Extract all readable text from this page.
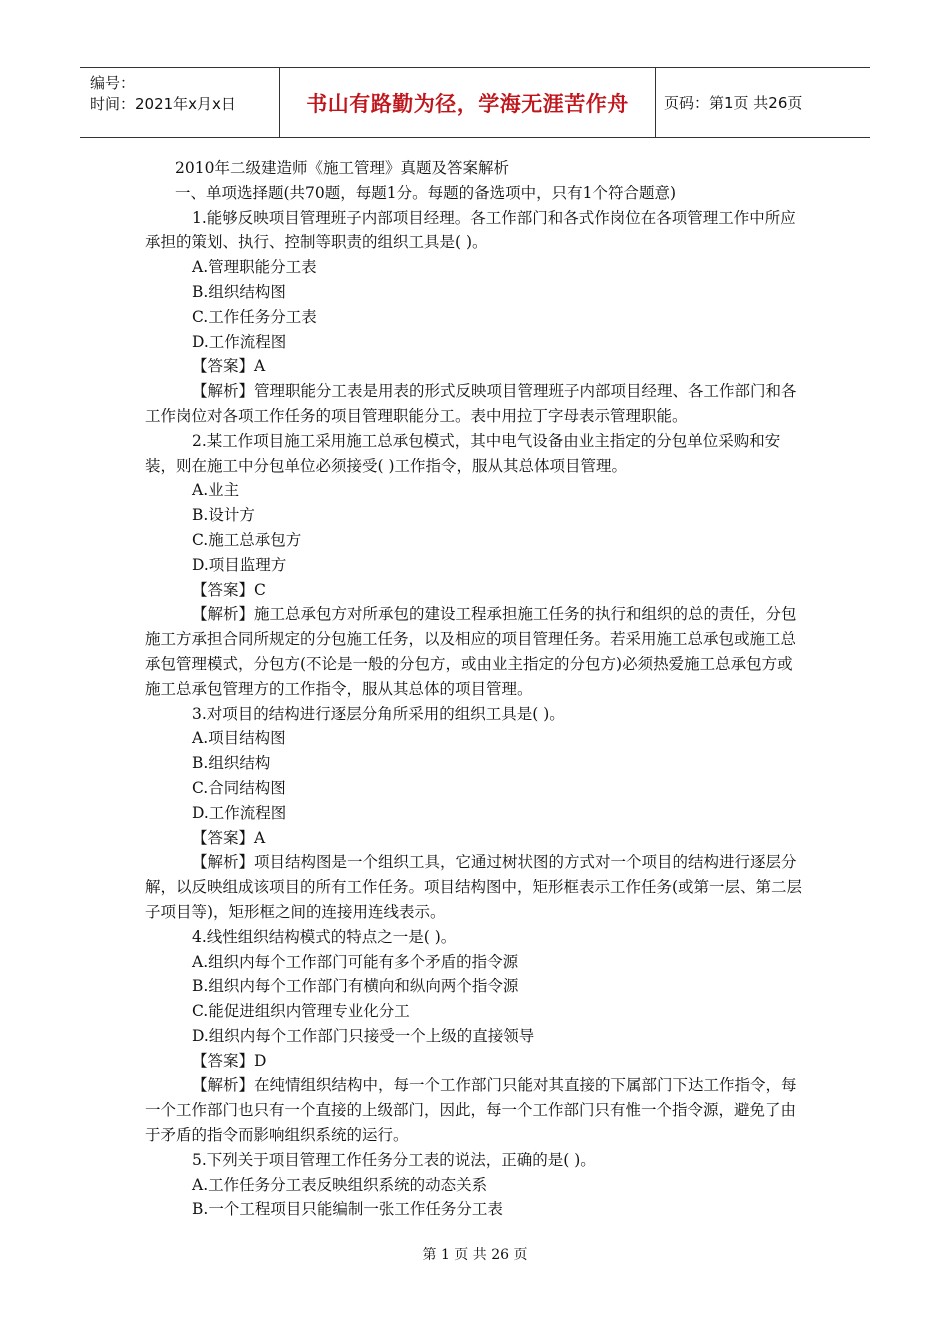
编号：
时间：2021年x月x日	书山有路勤为径，学海无涯苦作舟	页码：第1页 共26页

2010年二级建造师《施工管理》真题及答案解析

一、单项选择题(共70题，每题1分。每题的备选项中，只有1个符合题意)

1.能够反映项目管理班子内部项目经理。各工作部门和各式作岗位在各项管理工作中所应承担的策划、执行、控制等职责的组织工具是( )。

A.管理职能分工表

B.组织结构图

C.工作任务分工表

D.工作流程图

【答案】A

【解析】管理职能分工表是用表的形式反映项目管理班子内部项目经理、各工作部门和各工作岗位对各项工作任务的项目管理职能分工。表中用拉丁字母表示管理职能。

2.某工作项目施工采用施工总承包模式，其中电气设备由业主指定的分包单位采购和安装，则在施工中分包单位必须接受( )工作指令，服从其总体项目管理。

A.业主

B.设计方

C.施工总承包方

D.项目监理方

【答案】C

【解析】施工总承包方对所承包的建设工程承担施工任务的执行和组织的总的责任，分包施工方承担合同所规定的分包施工任务，以及相应的项目管理任务。若采用施工总承包或施工总承包管理模式，分包方(不论是一般的分包方，或由业主指定的分包方)必须热爱施工总承包方或施工总承包管理方的工作指令，服从其总体的项目管理。

3.对项目的结构进行逐层分角所采用的组织工具是( )。

A.项目结构图

B.组织结构

C.合同结构图

D.工作流程图

【答案】A

【解析】项目结构图是一个组织工具，它通过树状图的方式对一个项目的结构进行逐层分解，以反映组成该项目的所有工作任务。项目结构图中，矩形框表示工作任务(或第一层、第二层子项目等)，矩形框之间的连接用连线表示。

4.线性组织结构模式的特点之一是( )。

A.组织内每个工作部门可能有多个矛盾的指令源

B.组织内每个工作部门有横向和纵向两个指令源

C.能促进组织内管理专业化分工

D.组织内每个工作部门只接受一个上级的直接领导

【答案】D

【解析】在纯情组织结构中，每一个工作部门只能对其直接的下属部门下达工作指令，每一个工作部门也只有一个直接的上级部门，因此，每一个工作部门只有惟一个指令源，避免了由于矛盾的指令而影响组织系统的运行。

5.下列关于项目管理工作任务分工表的说法，正确的是( )。

A.工作任务分工表反映组织系统的动态关系

B.一个工程项目只能编制一张工作任务分工表

第 1 页 共 26 页
